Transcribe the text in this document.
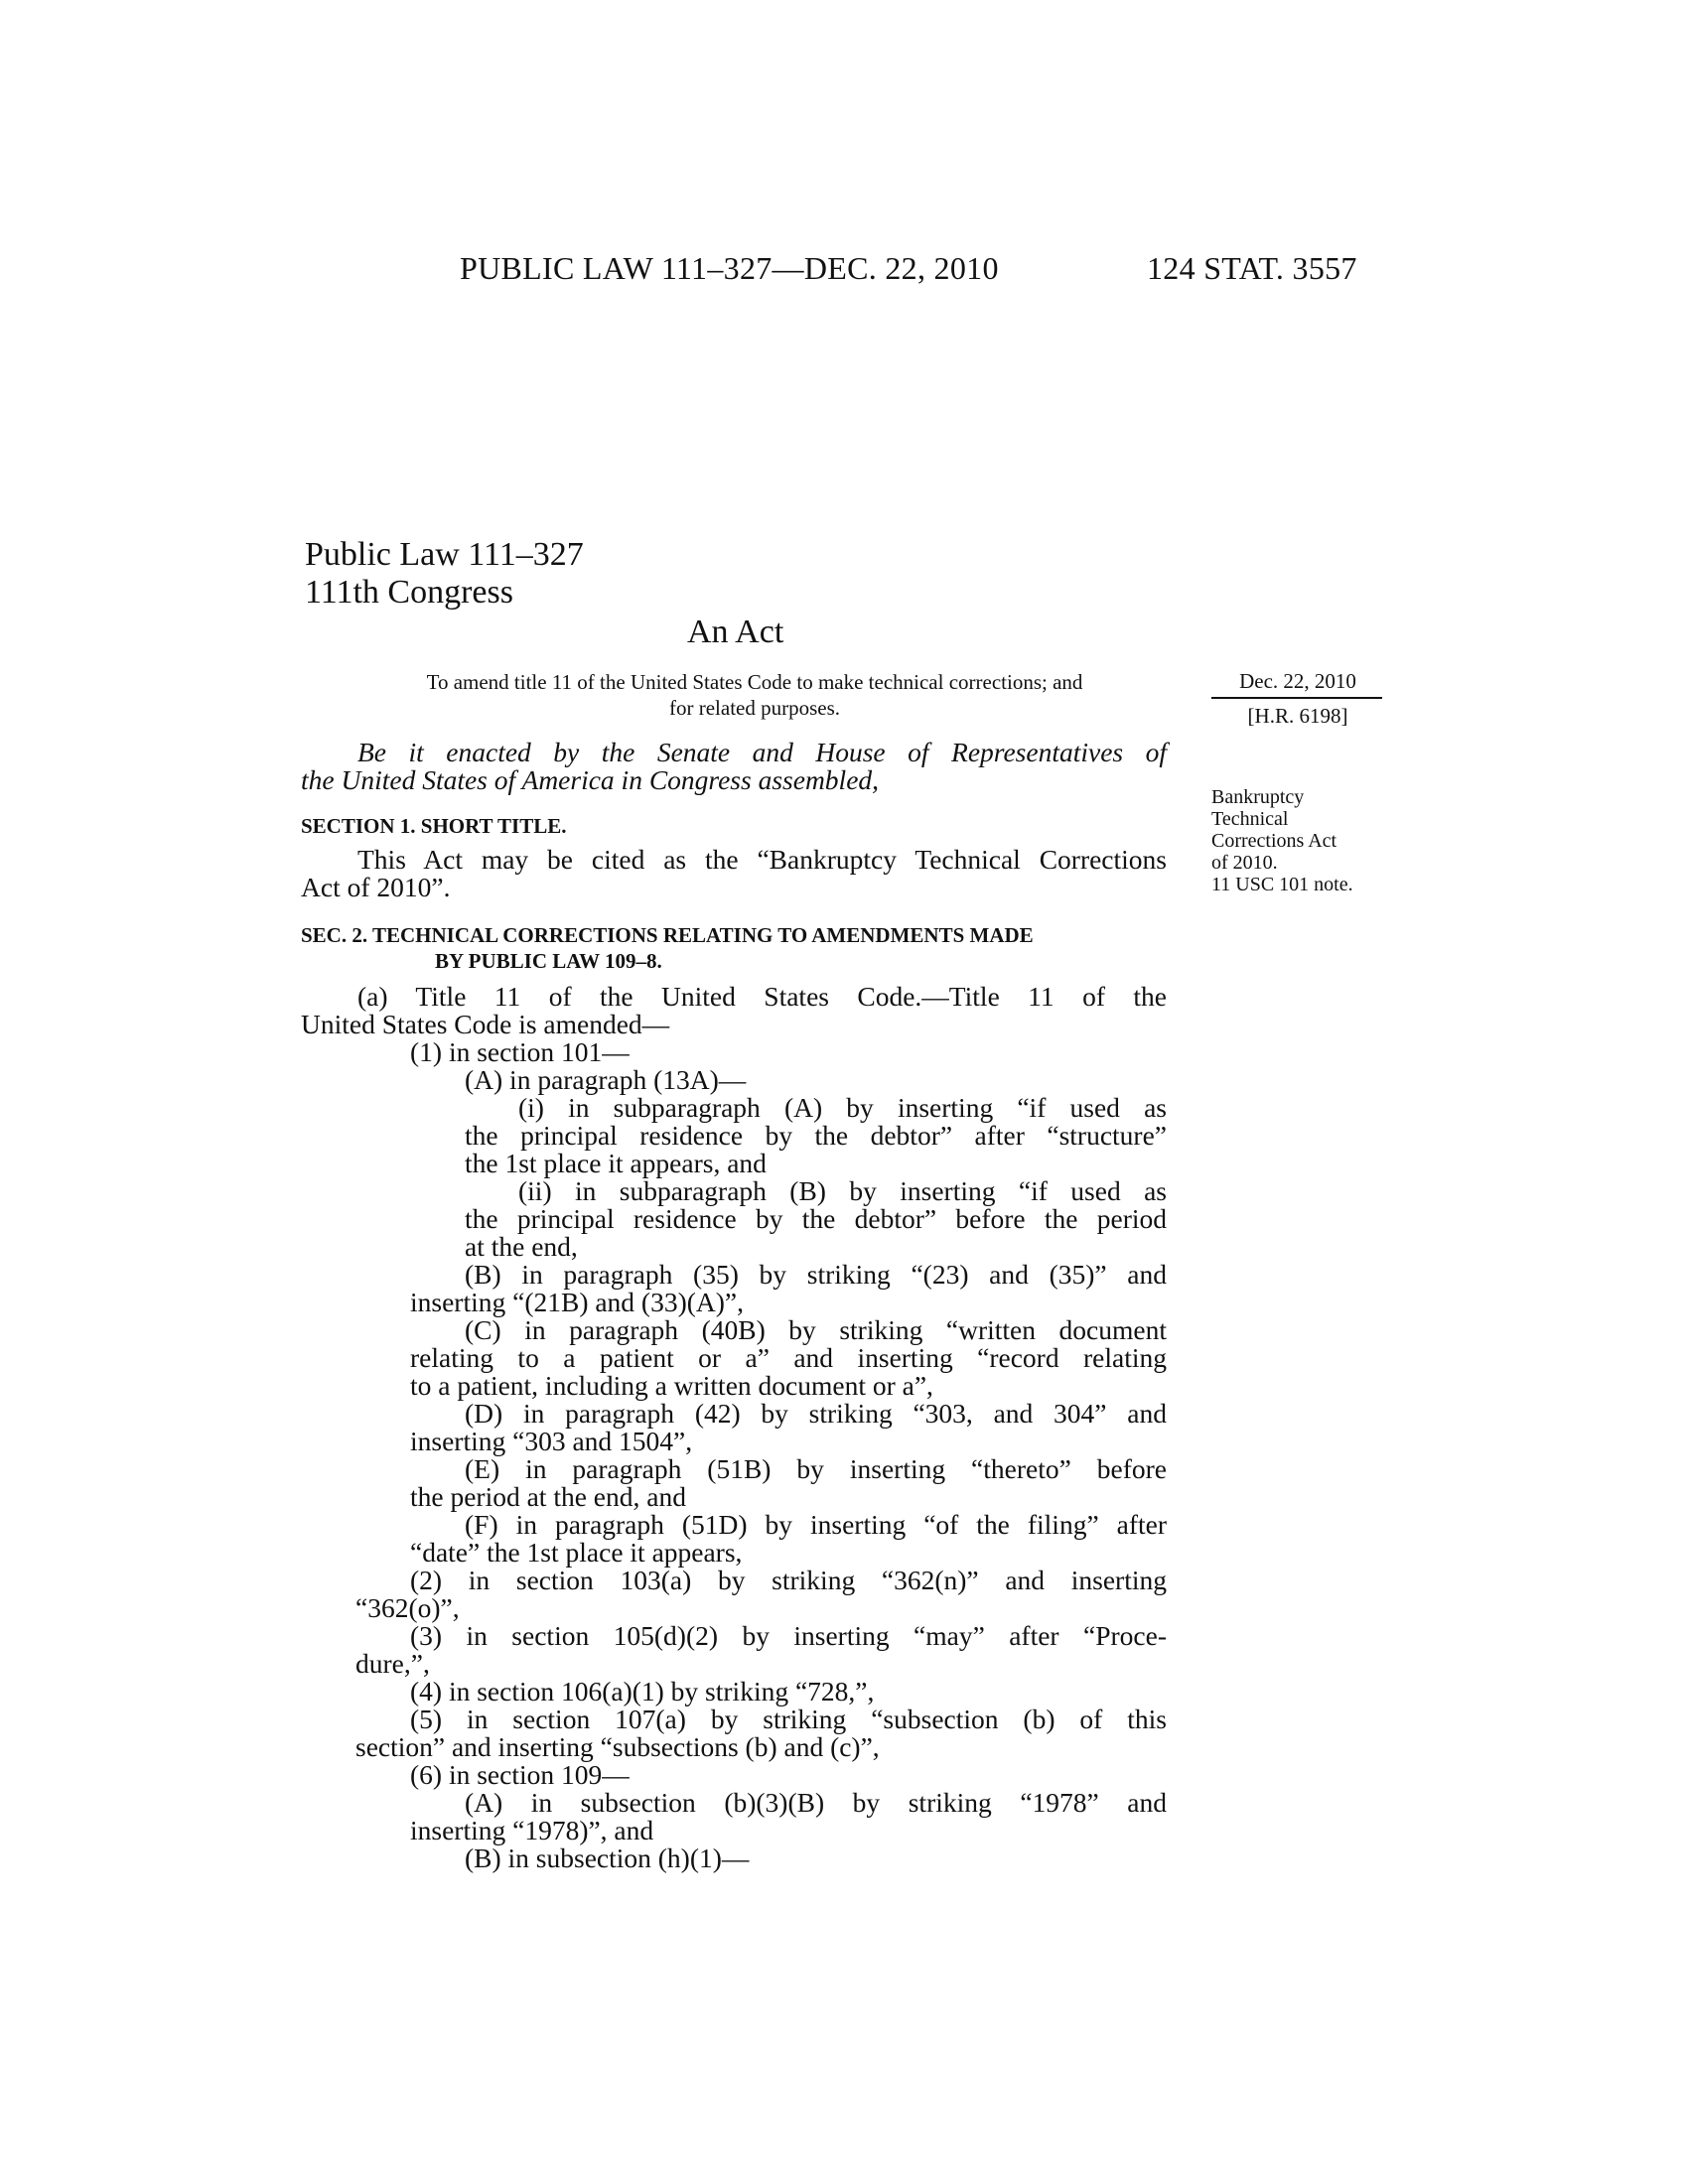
PUBLIC LAW 111–327—DEC. 22, 2010	124 STAT. 3557
Public Law 111–327
111th Congress
An Act
To amend title 11 of the United States Code to make technical corrections; and
for related purposes.
Dec. 22, 2010
[H.R. 6198]
Bankruptcy
Technical
Corrections Act
of 2010.
11 USC 101 note.
Be it enacted by the Senate and House of Representatives of
the United States of America in Congress assembled,
SECTION 1. SHORT TITLE.
This Act may be cited as the “Bankruptcy Technical Corrections
Act of 2010”.
SEC. 2. TECHNICAL CORRECTIONS RELATING TO AMENDMENTS MADE
BY PUBLIC LAW 109–8.
(a) Title 11 of the United States Code.—Title 11 of the
United States Code is amended—
(1) in section 101—
(A) in paragraph (13A)—
(i) in subparagraph (A) by inserting “if used as
the principal residence by the debtor” after “structure”
the 1st place it appears, and
(ii) in subparagraph (B) by inserting “if used as
the principal residence by the debtor” before the period
at the end,
(B) in paragraph (35) by striking “(23) and (35)” and
inserting “(21B) and (33)(A)”,
(C) in paragraph (40B) by striking “written document
relating to a patient or a” and inserting “record relating
to a patient, including a written document or a”,
(D) in paragraph (42) by striking “303, and 304” and
inserting “303 and 1504”,
(E) in paragraph (51B) by inserting “thereto” before
the period at the end, and
(F) in paragraph (51D) by inserting “of the filing” after
“date” the 1st place it appears,
(2) in section 103(a) by striking “362(n)” and inserting
“362(o)”,
(3) in section 105(d)(2) by inserting “may” after “Proce-
dure,”,
(4) in section 106(a)(1) by striking “728,”,
(5) in section 107(a) by striking “subsection (b) of this
section” and inserting “subsections (b) and (c)”,
(6) in section 109—
(A) in subsection (b)(3)(B) by striking “1978” and
inserting “1978)”, and
(B) in subsection (h)(1)—
